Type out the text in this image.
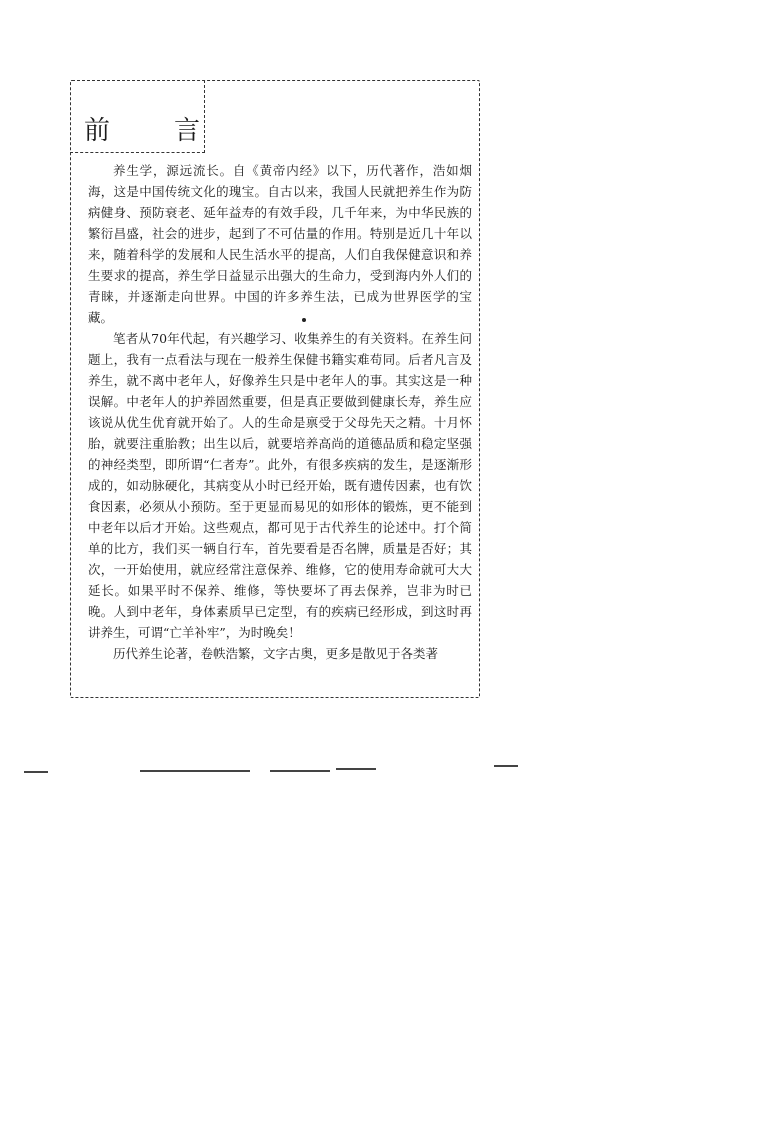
前 言

养生学，源远流长。自《黄帝内经》以下，历代著作，浩如烟海，这是中国传统文化的瑰宝。自古以来，我国人民就把养生作为防病健身、预防衰老、延年益寿的有效手段，几千年来，为中华民族的繁衍昌盛，社会的进步，起到了不可估量的作用。特别是近几十年以来，随着科学的发展和人民生活水平的提高，人们自我保健意识和养生要求的提高，养生学日益显示出强大的生命力，受到海内外人们的青睐，并逐渐走向世界。中国的许多养生法，已成为世界医学的宝藏。

笔者从70年代起，有兴趣学习、收集养生的有关资料。在养生问题上，我有一点看法与现在一般养生保健书籍实难苟同。后者凡言及养生，就不离中老年人，好像养生只是中老年人的事。其实这是一种误解。中老年人的护养固然重要，但是真正要做到健康长寿，养生应该说从优生优育就开始了。人的生命是禀受于父母先天之精。十月怀胎，就要注重胎教；出生以后，就要培养高尚的道德品质和稳定坚强的神经类型，即所谓“仁者寿”。此外，有很多疾病的发生，是逐渐形成的，如动脉硬化，其病变从小时已经开始，既有遗传因素，也有饮食因素，必须从小预防。至于更显而易见的如形体的锻炼，更不能到中老年以后才开始。这些观点，都可见于古代养生的论述中。打个简单的比方，我们买一辆自行车，首先要看是否名牌，质量是否好；其次，一开始使用，就应经常注意保养、维修，它的使用寿命就可大大延长。如果平时不保养、维修，等快要坏了再去保养，岂非为时已晚。人到中老年，身体素质早已定型，有的疾病已经形成，到这时再讲养生，可谓“亡羊补牢”，为时晚矣！

历代养生论著，卷帙浩繁，文字古奥，更多是散见于各类著
